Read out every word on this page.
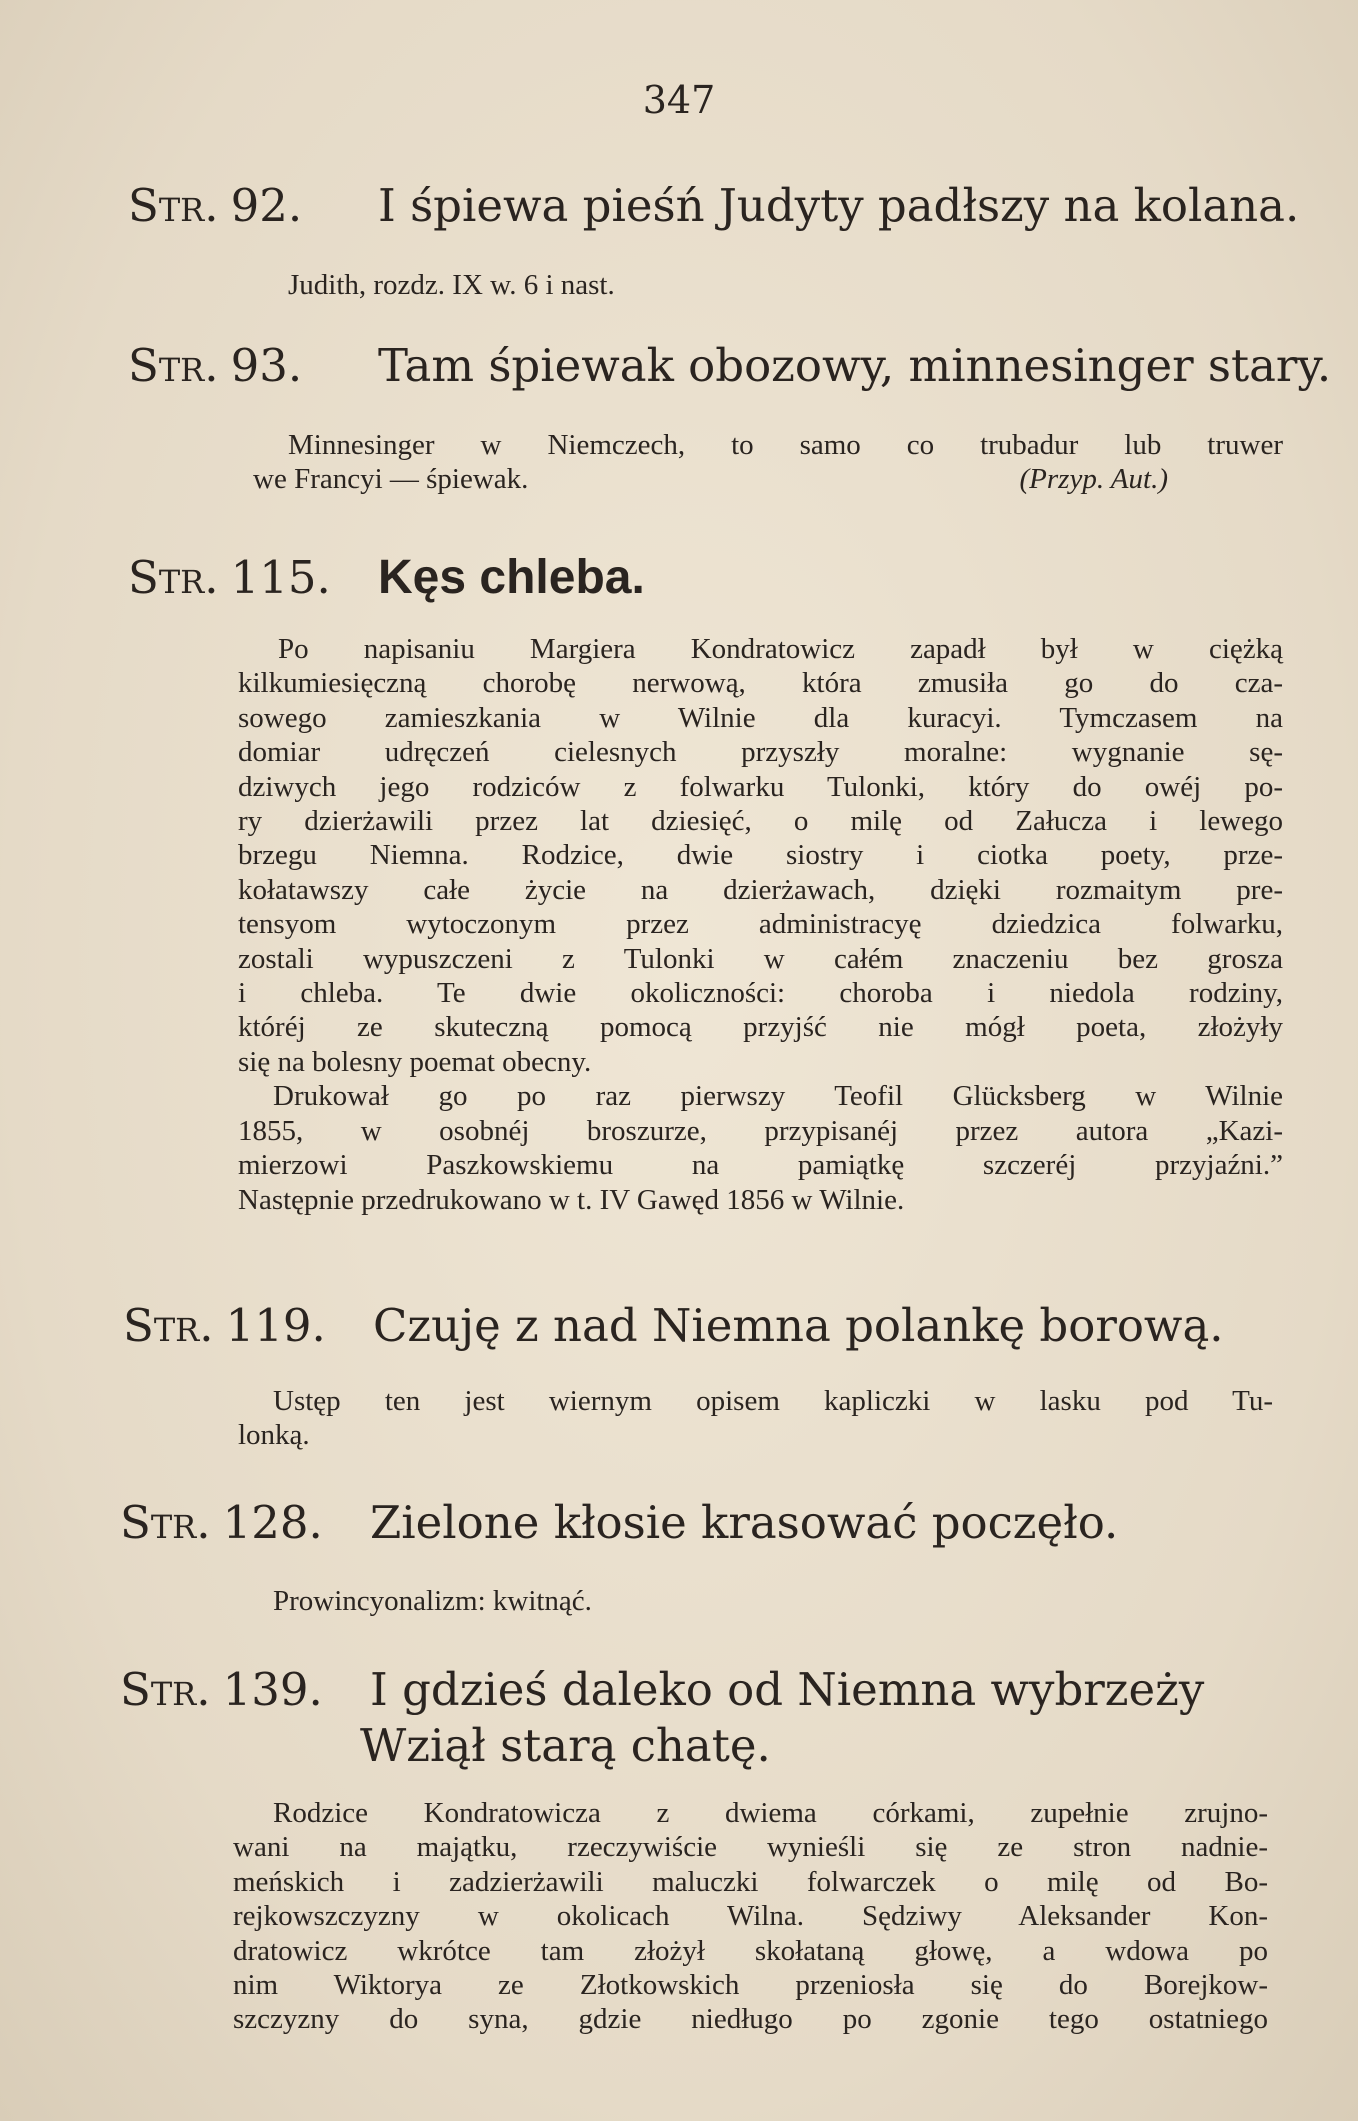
347
Str. 92. I śpiewa pieśń Judyty padłszy na kolana.
Judith, rozdz. IX w. 6 i nast.
Str. 93. Tam śpiewak obozowy, minnesinger stary.
Minnesinger w Niemczech, to samo co trubadur lub truwer
we Francyi — śpiewak.	(Przyp. Aut.)
Str. 115. Kęs chleba.
Po napisaniu Margiera Kondratowicz zapadł był w ciężką
kilkumiesięczną chorobę nerwową, która zmusiła go do cza-
sowego zamieszkania w Wilnie dla kuracyi. Tymczasem na
domiar udręczeń cielesnych przyszły moralne: wygnanie sę-
dziwych jego rodziców z folwarku Tulonki, który do owéj po-
ry dzierżawili przez lat dziesięć, o milę od Załucza i lewego
brzegu Niemna. Rodzice, dwie siostry i ciotka poety, prze-
kołatawszy całe życie na dzierżawach, dzięki rozmaitym pre-
tensyom wytoczonym przez administracyę dziedzica folwarku,
zostali wypuszczeni z Tulonki w całém znaczeniu bez grosza
i chleba. Te dwie okoliczności: choroba i niedola rodziny,
któréj ze skuteczną pomocą przyjść nie mógł poeta, złożyły
się na bolesny poemat obecny.
Drukował go po raz pierwszy Teofil Glücksberg w Wilnie
1855, w osobnéj broszurze, przypisanéj przez autora „Kazi-
mierzowi Paszkowskiemu na pamiątkę szczeréj przyjaźni.”
Następnie przedrukowano w t. IV Gawęd 1856 w Wilnie.
Str. 119. Czuję z nad Niemna polankę borową.
Ustęp ten jest wiernym opisem kapliczki w lasku pod Tu-
lonką.
Str. 128. Zielone kłosie krasować poczęło.
Prowincyonalizm: kwitnąć.
Str. 139. I gdzieś daleko od Niemna wybrzeży
Wziął starą chatę.
Rodzice Kondratowicza z dwiema córkami, zupełnie zrujno-
wani na majątku, rzeczywiście wynieśli się ze stron nadnie-
meńskich i zadzierżawili maluczki folwarczek o milę od Bo-
rejkowszczyzny w okolicach Wilna. Sędziwy Aleksander Kon-
dratowicz wkrótce tam złożył skołataną głowę, a wdowa po
nim Wiktorya ze Złotkowskich przeniosła się do Borejkow-
szczyzny do syna, gdzie niedługo po zgonie tego ostatniego
